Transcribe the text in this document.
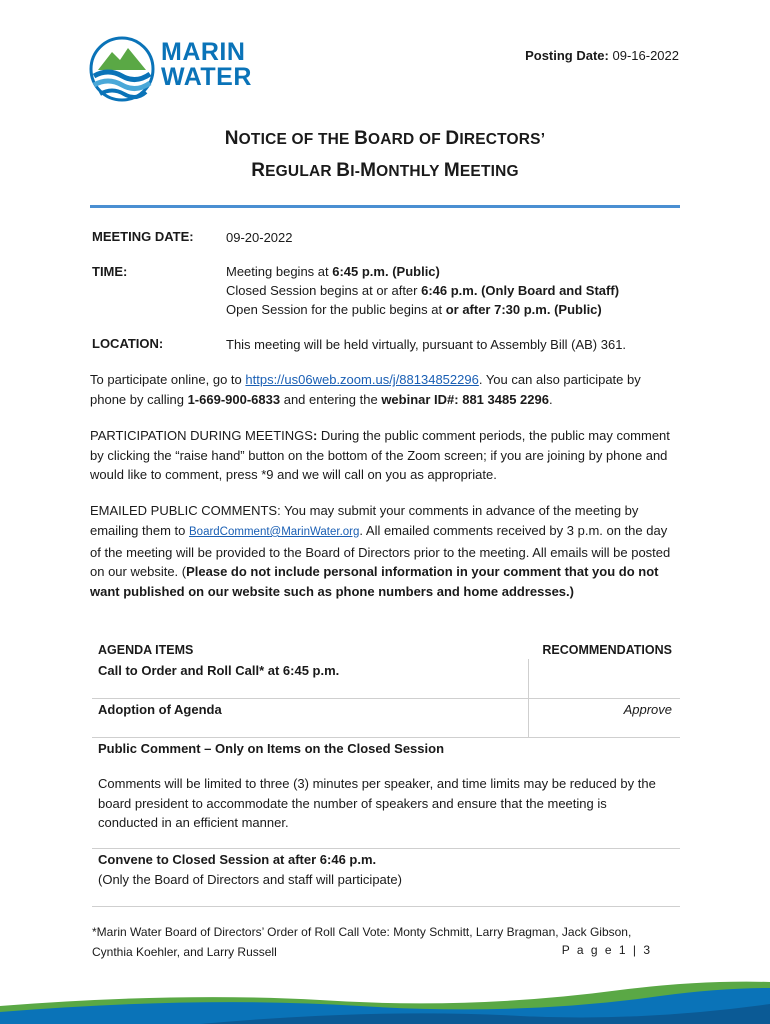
MARIN
WATER
Posting Date: 09-16-2022
NOTICE OF THE BOARD OF DIRECTORS’
REGULAR BI-MONTHLY MEETING
MEETING DATE: 09-20-2022
TIME:	Meeting begins at 6:45 p.m. (Public)
Closed Session begins at or after 6:46 p.m. (Only Board and Staff)
Open Session for the public begins at or after 7:30 p.m. (Public)
LOCATION:	This meeting will be held virtually, pursuant to Assembly Bill (AB) 361.
To participate online, go to https://us06web.zoom.us/j/88134852296. You can also participate by phone by calling 1-669-900-6833 and entering the webinar ID#: 881 3485 2296.
PARTICIPATION DURING MEETINGS: During the public comment periods, the public may comment by clicking the “raise hand” button on the bottom of the Zoom screen; if you are joining by phone and would like to comment, press *9 and we will call on you as appropriate.
EMAILED PUBLIC COMMENTS: You may submit your comments in advance of the meeting by emailing them to BoardComment@MarinWater.org. All emailed comments received by 3 p.m. on the day of the meeting will be provided to the Board of Directors prior to the meeting. All emails will be posted on our website. (Please do not include personal information in your comment that you do not want published on our website such as phone numbers and home addresses.)
AGENDA ITEMS	RECOMMENDATIONS
Call to Order and Roll Call* at 6:45 p.m.
Adoption of Agenda	Approve
Public Comment – Only on Items on the Closed Session
Comments will be limited to three (3) minutes per speaker, and time limits may be reduced by the board president to accommodate the number of speakers and ensure that the meeting is conducted in an efficient manner.
Convene to Closed Session at after 6:46 p.m.
(Only the Board of Directors and staff will participate)
*Marin Water Board of Directors’ Order of Roll Call Vote: Monty Schmitt, Larry Bragman, Jack Gibson, Cynthia Koehler, and Larry Russell	P a g e 1 | 3
